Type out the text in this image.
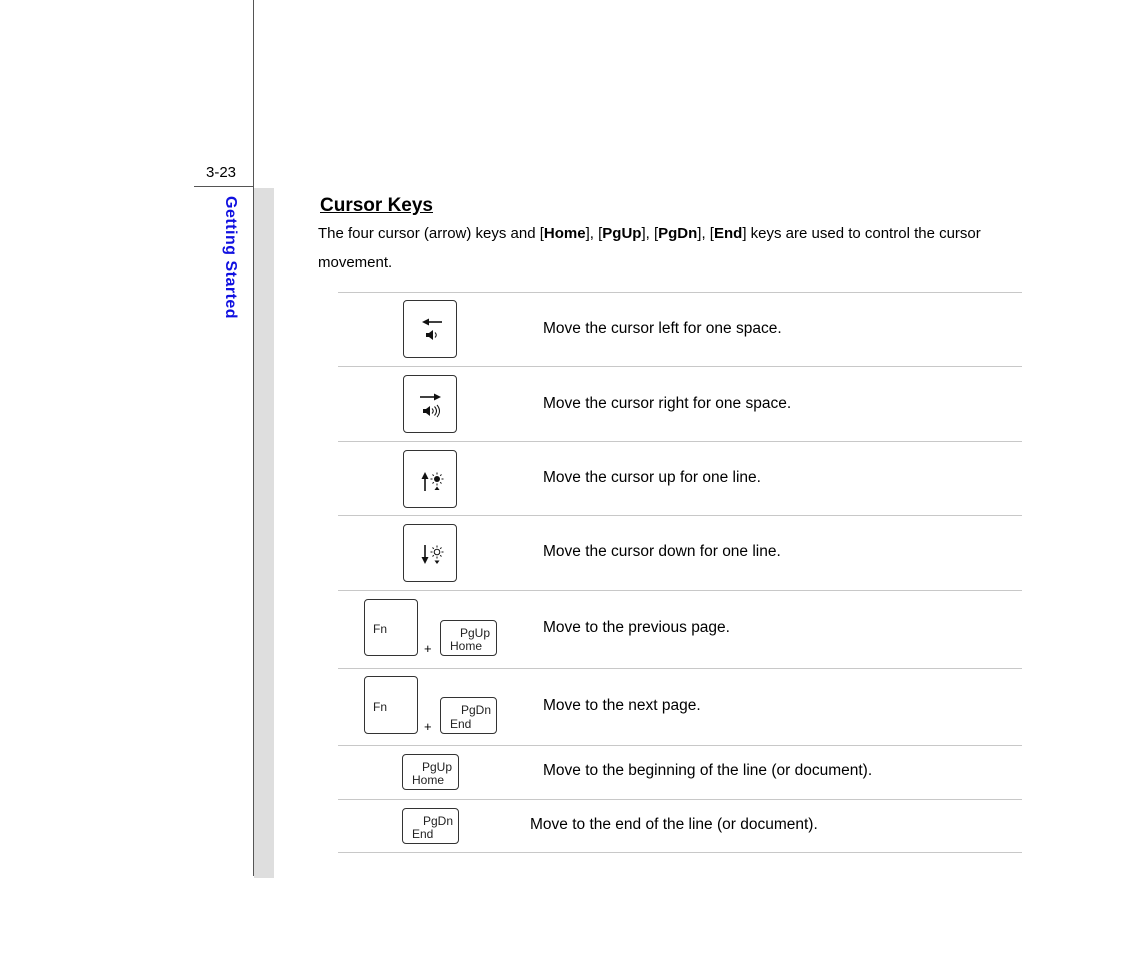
3-23
Getting Started	Cursor Keys
The four cursor (arrow) keys and [Home], [PgUp], [PgDn], [End] keys are used to control the cursor movement.
Move the cursor left for one space.
Move the cursor right for one space.
Move the cursor up for one line.
Move the cursor down for one line.
Fn
+
PgUp
Home
Move to the previous page.
Fn
+
PgDn
End
Move to the next page.
PgUp
Home
Move to the beginning of the line (or document).
PgDn
End
Move to the end of the line (or document).
